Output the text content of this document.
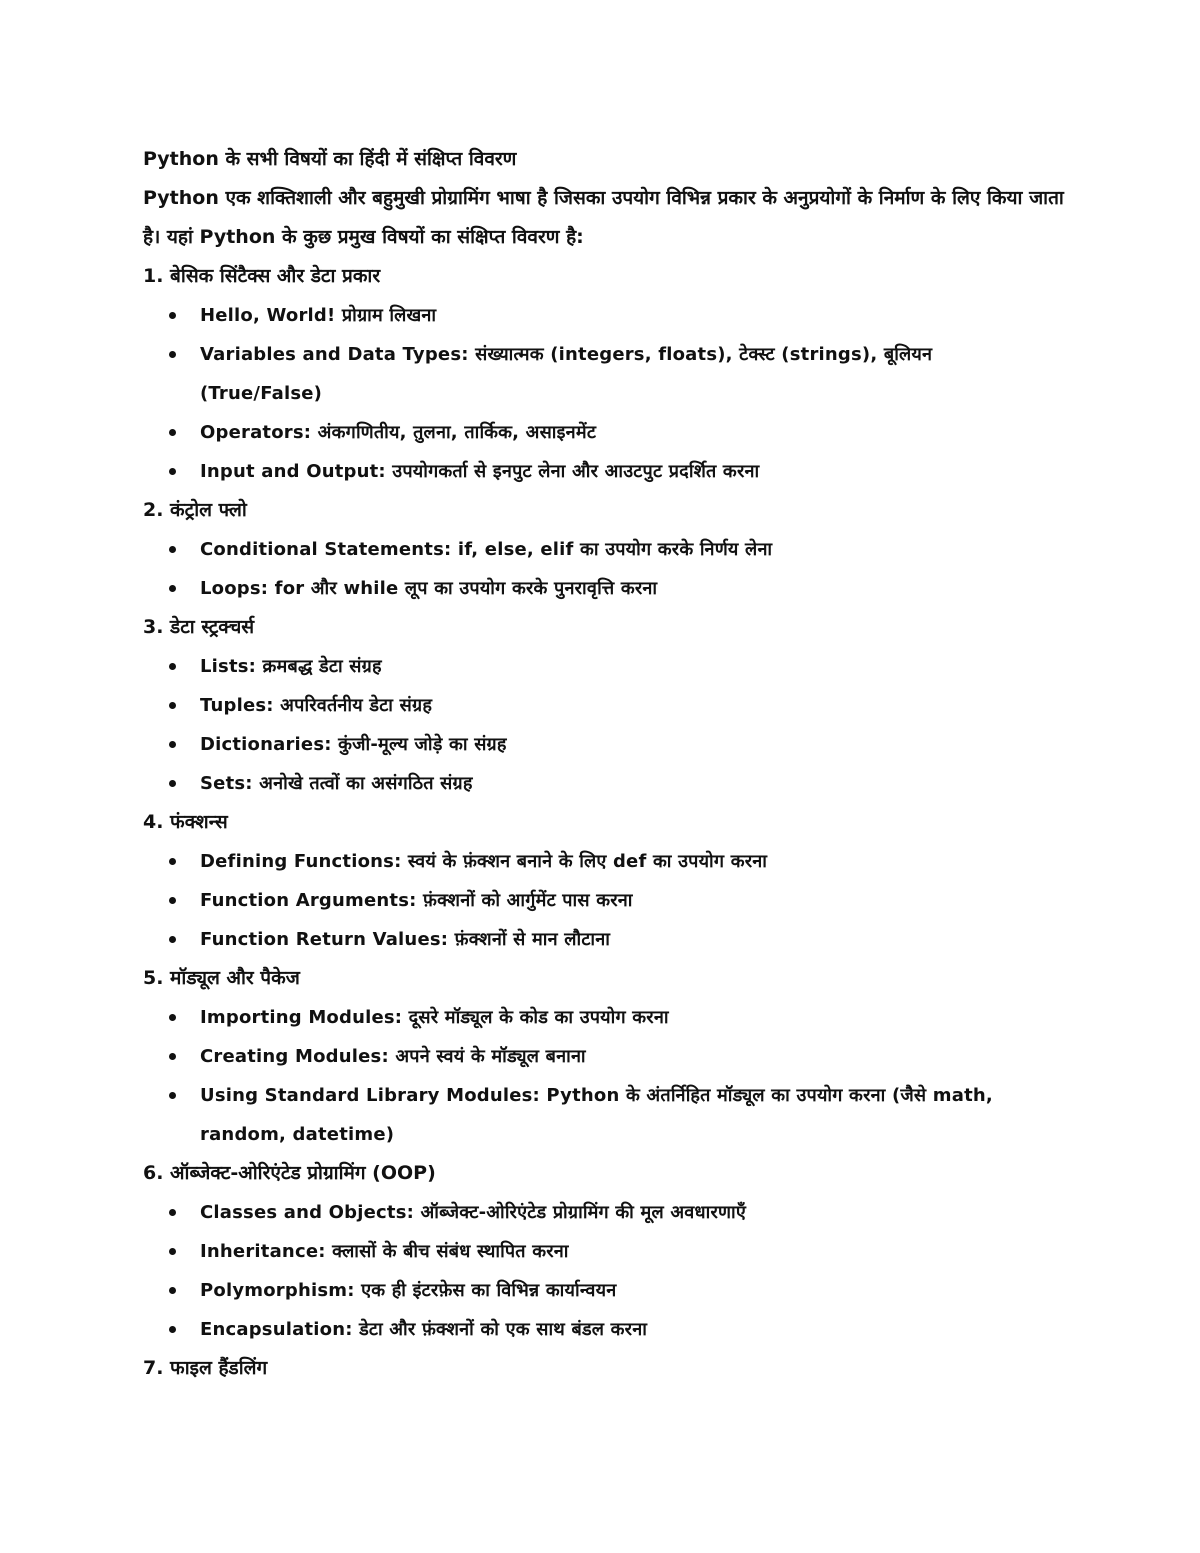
Python के सभी विषयों का हिंदी में संक्षिप्त विवरण

Python एक शक्तिशाली और बहुमुखी प्रोग्रामिंग भाषा है जिसका उपयोग विभिन्न प्रकार के अनुप्रयोगों के निर्माण के लिए किया जाता है। यहां Python के कुछ प्रमुख विषयों का संक्षिप्त विवरण है:

1. बेसिक सिंटैक्स और डेटा प्रकार
Hello, World! प्रोग्राम लिखना
Variables and Data Types: संख्यात्मक (integers, floats), टेक्स्ट (strings), बूलियन (True/False)
Operators: अंकगणितीय, तुलना, तार्किक, असाइनमेंट
Input and Output: उपयोगकर्ता से इनपुट लेना और आउटपुट प्रदर्शित करना
2. कंट्रोल फ्लो
Conditional Statements: if, else, elif का उपयोग करके निर्णय लेना
Loops: for और while लूप का उपयोग करके पुनरावृत्ति करना
3. डेटा स्ट्रक्चर्स
Lists: क्रमबद्ध डेटा संग्रह
Tuples: अपरिवर्तनीय डेटा संग्रह
Dictionaries: कुंजी-मूल्य जोड़े का संग्रह
Sets: अनोखे तत्वों का असंगठित संग्रह
4. फंक्शन्स
Defining Functions: स्वयं के फ़ंक्शन बनाने के लिए def का उपयोग करना
Function Arguments: फ़ंक्शनों को आर्गुमेंट पास करना
Function Return Values: फ़ंक्शनों से मान लौटाना
5. मॉड्यूल और पैकेज
Importing Modules: दूसरे मॉड्यूल के कोड का उपयोग करना
Creating Modules: अपने स्वयं के मॉड्यूल बनाना
Using Standard Library Modules: Python के अंतर्निहित मॉड्यूल का उपयोग करना (जैसे math, random, datetime)
6. ऑब्जेक्ट-ओरिएंटेड प्रोग्रामिंग (OOP)
Classes and Objects: ऑब्जेक्ट-ओरिएंटेड प्रोग्रामिंग की मूल अवधारणाएँ
Inheritance: क्लासों के बीच संबंध स्थापित करना
Polymorphism: एक ही इंटरफ़ेस का विभिन्न कार्यान्वयन
Encapsulation: डेटा और फ़ंक्शनों को एक साथ बंडल करना
7. फाइल हैंडलिंग
